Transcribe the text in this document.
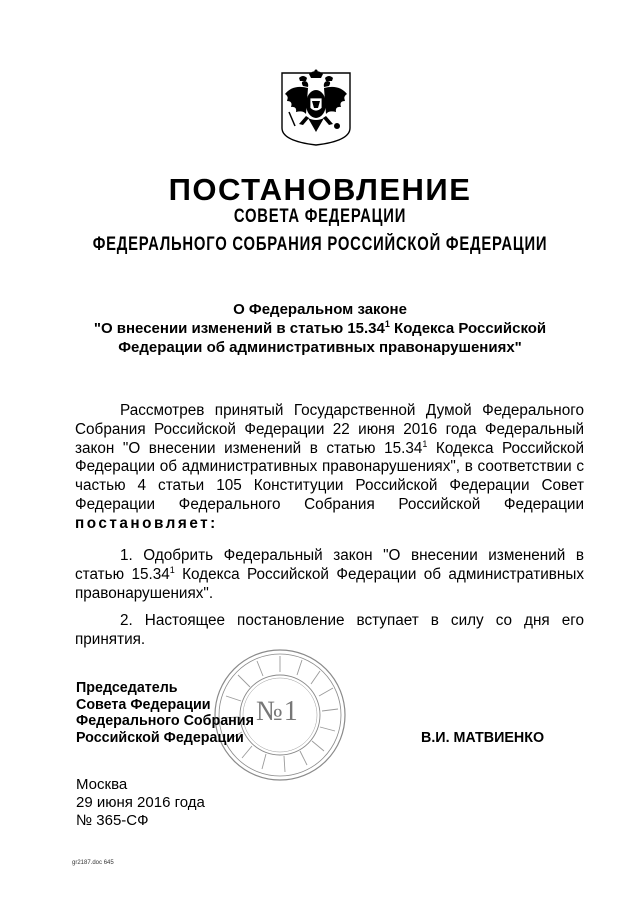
ПОСТАНОВЛЕНИЕ
СОВЕТА ФЕДЕРАЦИИ
ФЕДЕРАЛЬНОГО СОБРАНИЯ РОССИЙСКОЙ ФЕДЕРАЦИИ
О Федеральном законе
"О внесении изменений в статью 15.34$^1$ Кодекса Российской
Федерации об административных правонарушениях"
Рассмотрев принятый Государственной Думой Федерального Собрания Российской Федерации 22 июня 2016 года Федеральный закон "О внесении изменений в статью 15.34$^1$ Кодекса Российской Федерации об административных правонарушениях", в соответствии с частью 4 статьи 105 Конституции Российской Федерации Совет Федерации Федерального Собрания Российской Федерации постановляет:
1. Одобрить Федеральный закон "О внесении изменений в статью 15.34$^1$ Кодекса Российской Федерации об административных правонарушениях".
2. Настоящее постановление вступает в силу со дня его принятия.
№1
Председатель
Совета Федерации
Федерального Собрания
Российской Федерации	В.И. МАТВИЕНКО
Москва
29 июня 2016 года
№ 365-СФ
gr2187.doc 645
